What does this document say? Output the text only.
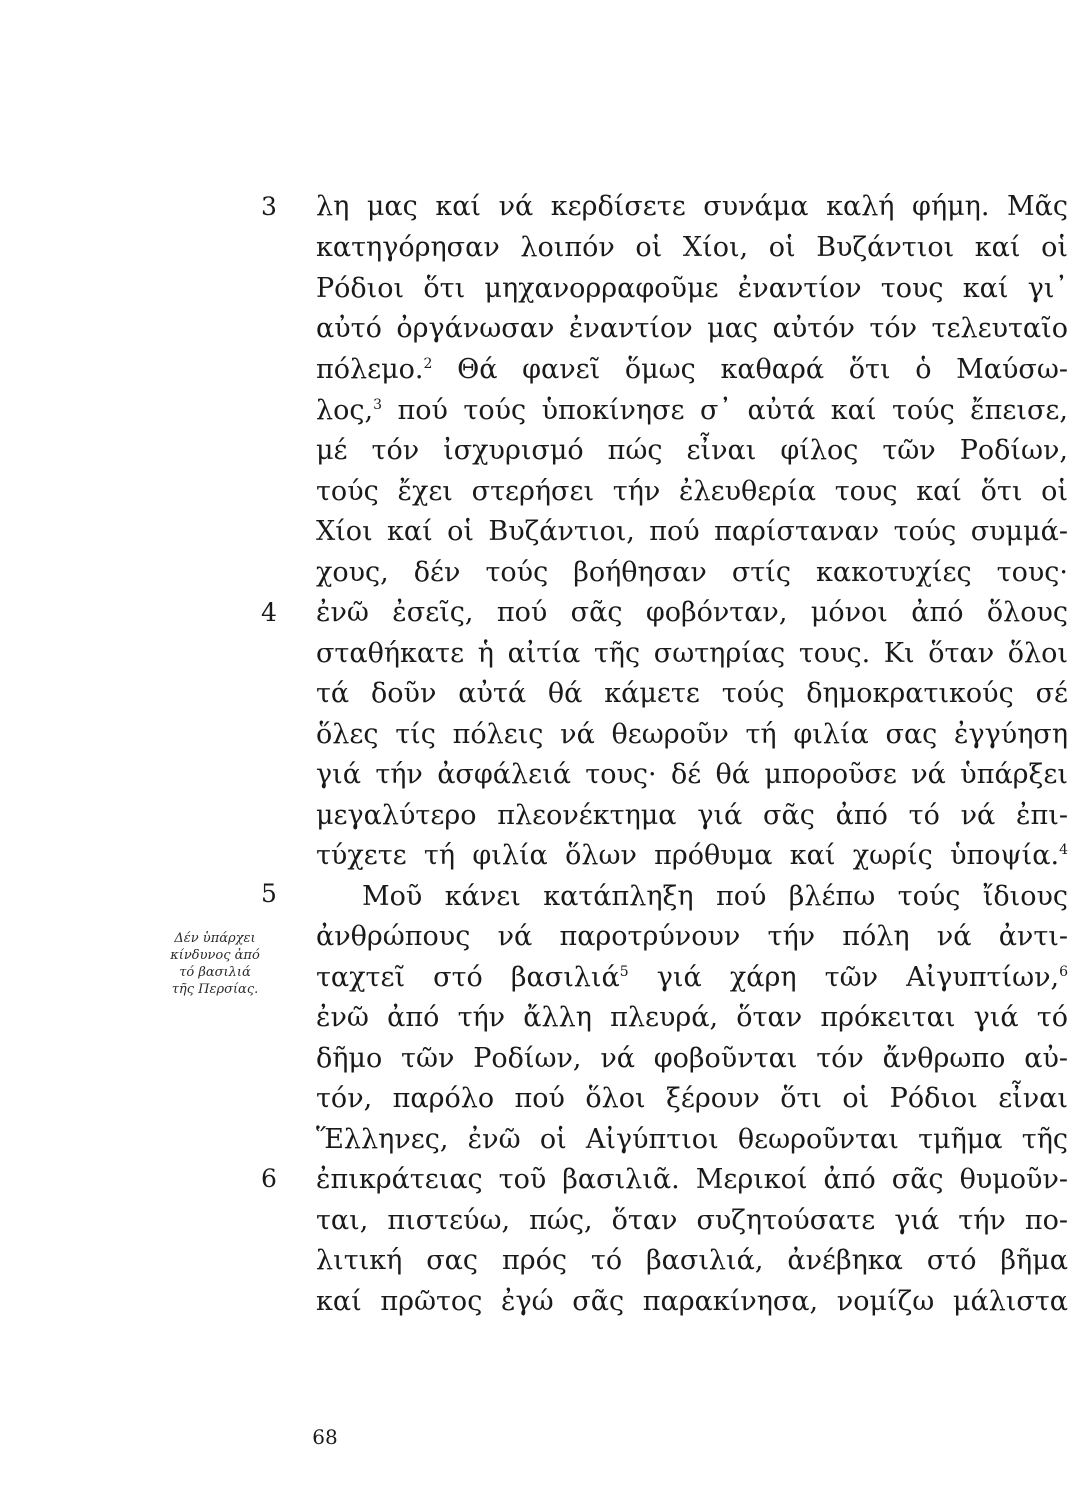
3
4
5
6
λη μας καί νά κερδίσετε συνάμα καλή φήμη. Μᾶς
κατηγόρησαν λοιπόν οἱ Χίοι, οἱ Βυζάντιοι καί οἱ
Ρόδιοι ὅτι μηχανορραφοῦμε ἐναντίον τους καί γι᾽
αὐτό ὀργάνωσαν ἐναντίον μας αὐτόν τόν τελευταῖο
πόλεμο.$^2$ Θά φανεῖ ὅμως καθαρά ὅτι ὁ Μαύσω-
λος,$^3$ πού τούς ὑποκίνησε σ᾽ αὐτά καί τούς ἔπεισε,
μέ τόν ἰσχυρισμό πώς εἶναι φίλος τῶν Ροδίων,
τούς ἔχει στερήσει τήν ἐλευθερία τους καί ὅτι οἱ
Χίοι καί οἱ Βυζάντιοι, πού παρίσταναν τούς συμμά-
χους, δέν τούς βοήθησαν στίς κακοτυχίες τους·
ἐνῶ ἐσεῖς, πού σᾶς φοβόνταν, μόνοι ἀπό ὅλους
σταθήκατε ἡ αἰτία τῆς σωτηρίας τους. Κι ὅταν ὅλοι
τά δοῦν αὐτά θά κάμετε τούς δημοκρατικούς σέ
ὅλες τίς πόλεις νά θεωροῦν τή φιλία σας ἐγγύηση
γιά τήν ἀσφάλειά τους· δέ θά μποροῦσε νά ὑπάρξει
μεγαλύτερο πλεονέκτημα γιά σᾶς ἀπό τό νά ἐπι-
τύχετε τή φιλία ὅλων πρόθυμα καί χωρίς ὑποψία.$^4$
Μοῦ κάνει κατάπληξη πού βλέπω τούς ἴδιους
ἀνθρώπους νά παροτρύνουν τήν πόλη νά ἀντι-
ταχτεῖ στό βασιλιά$^5$ γιά χάρη τῶν Αἰγυπτίων,$^6$
ἐνῶ ἀπό τήν ἄλλη πλευρά, ὅταν πρόκειται γιά τό
δῆμο τῶν Ροδίων, νά φοβοῦνται τόν ἄνθρωπο αὐ-
τόν, παρόλο πού ὅλοι ξέρουν ὅτι οἱ Ρόδιοι εἶναι
Ἕλληνες, ἐνῶ οἱ Αἰγύπτιοι θεωροῦνται τμῆμα τῆς
ἐπικράτειας τοῦ βασιλιᾶ. Μερικοί ἀπό σᾶς θυμοῦν-
ται, πιστεύω, πώς, ὅταν συζητούσατε γιά τήν πο-
λιτική σας πρός τό βασιλιά, ἀνέβηκα στό βῆμα
καί πρῶτος ἐγώ σᾶς παρακίνησα, νομίζω μάλιστα
Δέν ὑπάρχει
κίνδυνος ἀπό
τό βασιλιά
τῆς Περσίας.
68
